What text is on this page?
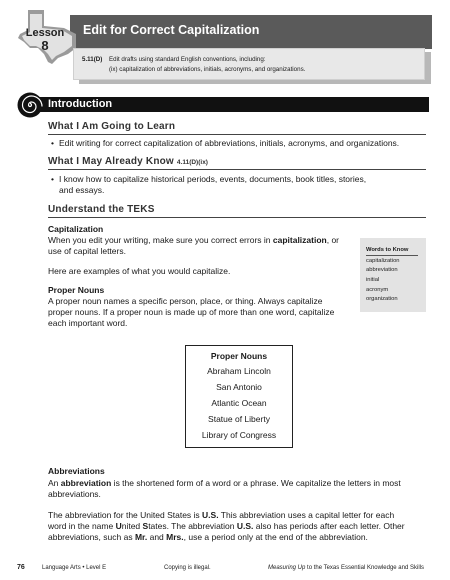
Edit for Correct Capitalization
Lesson
8
5.11(D) Edit drafts using standard English conventions, including:
(ix) capitalization of abbreviations, initials, acronyms, and organizations.
Introduction
What I Am Going to Learn
• Edit writing for correct capitalization of abbreviations, initials, acronyms, and organizations.
What I May Already Know 4.11(D)(ix)
• I know how to capitalize historical periods, events, documents, book titles, stories,
and essays.
Understand the TEKS
Capitalization
When you edit your writing, make sure you correct errors in capitalization, or
use of capital letters.
Here are examples of what you would capitalize.
Proper Nouns
A proper noun names a specific person, place, or thing. Always capitalize
proper nouns. If a proper noun is made up of more than one word, capitalize
each important word.
Words to Know
capitalization
abbreviation
initial
acronym
organization
Proper Nouns
Abraham Lincoln
San Antonio
Atlantic Ocean
Statue of Liberty
Library of Congress
Abbreviations
An abbreviation is the shortened form of a word or a phrase. We capitalize the letters in most
abbreviations.
The abbreviation for the United States is U.S. This abbreviation uses a capital letter for each
word in the name United States. The abbreviation U.S. also has periods after each letter. Other
abbreviations, such as Mr. and Mrs., use a period only at the end of the abbreviation.
76	Language Arts • Level E	Copying is illegal.	Measuring Up to the Texas Essential Knowledge and Skills
